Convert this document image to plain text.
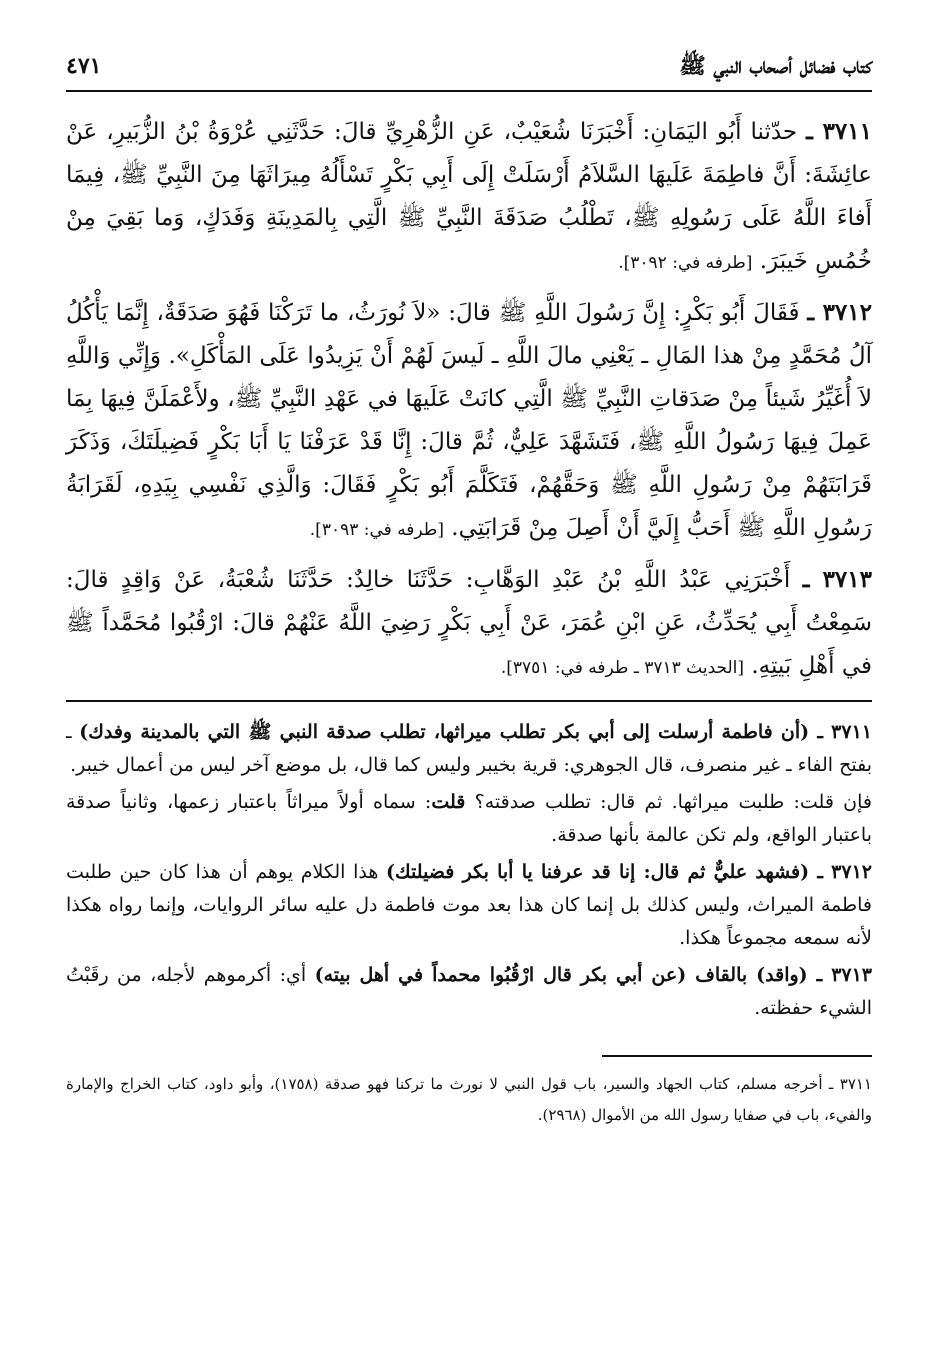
كتاب فضائل أصحاب النبي ﷺ
٤٧١

٣٧١١ ـ حدّثنا أَبُو اليَمَانِ: أَخْبَرَنَا شُعَيْبٌ، عَنِ الزُّهْرِيِّ قالَ: حَدَّثَنِي عُرْوَةُ بْنُ الزُّبَيرِ، عَنْ عائِشَةَ: أَنَّ فاطِمَةَ عَلَيهَا السَّلاَمُ أَرْسَلَتْ إِلَى أَبِي بَكْرٍ تَسْأَلُهُ مِيرَاثَهَا مِنَ النَّبِيِّ ﷺ، فِيمَا أَفاءَ اللَّهُ عَلَى رَسُولِهِ ﷺ، تَطْلُبُ صَدَقَةَ النَّبِيِّ ﷺ الَّتِي بِالمَدِينَةِ وَفَدَكٍ، وَما بَقِيَ مِنْ خُمُسِ خَيبَرَ. [طرفه في: ٣٠٩٢].

٣٧١٢ ـ فَقَالَ أَبُو بَكْرٍ: إِنَّ رَسُولَ اللَّهِ ﷺ قالَ: «لاَ نُورَثُ، ما تَرَكْنَا فَهُوَ صَدَقَةٌ، إِنَّمَا يَأْكُلُ آلُ مُحَمَّدٍ مِنْ هذا المَالِ ـ يَعْنِي مالَ اللَّهِ ـ لَيسَ لَهُمْ أَنْ يَزِيدُوا عَلَى المَأْكَلِ». وَإِنِّي وَاللَّهِ لاَ أُغَيِّرُ شَيئاً مِنْ صَدَقاتِ النَّبِيِّ ﷺ الَّتِي كانَتْ عَلَيهَا في عَهْدِ النَّبِيِّ ﷺ، ولأَعْمَلَنَّ فِيهَا بِمَا عَمِلَ فِيهَا رَسُولُ اللَّهِ ﷺ، فَتَشَهَّدَ عَلِيٌّ، ثُمَّ قالَ: إِنَّا قَدْ عَرَفْنَا يَا أَبَا بَكْرٍ فَضِيلَتَكَ، وَذَكَرَ قَرَابَتَهُمْ مِنْ رَسُولِ اللَّهِ ﷺ وَحَقَّهُمْ، فَتَكَلَّمَ أَبُو بَكْرٍ فَقَالَ: وَالَّذِي نَفْسِي بِيَدِهِ، لَقَرَابَةُ رَسُولِ اللَّهِ ﷺ أَحَبُّ إِلَيَّ أَنْ أَصِلَ مِنْ قَرَابَتِي. [طرفه في: ٣٠٩٣].

٣٧١٣ ـ أَخْبَرَنِي عَبْدُ اللَّهِ بْنُ عَبْدِ الوَهَّابِ: حَدَّثَنَا خالِدٌ: حَدَّثَنَا شُعْبَةُ، عَنْ وَاقِدٍ قالَ: سَمِعْتُ أَبِي يُحَدِّثُ، عَنِ ابْنِ عُمَرَ، عَنْ أَبِي بَكْرٍ رَضِيَ اللَّهُ عَنْهُمْ قالَ: ارْقُبُوا مُحَمَّداً ﷺ في أَهْلِ بَيتِهِ. [الحديث ٣٧١٣ ـ طرفه في: ٣٧٥١].

٣٧١١ ـ (أن فاطمة أرسلت إلى أبي بكر تطلب ميراثها، تطلب صدقة النبي ﷺ التي بالمدينة وفدك) ـ بفتح الفاء ـ غير منصرف، قال الجوهري: قرية بخيبر وليس كما قال، بل موضع آخر ليس من أعمال خيبر.

فإن قلت: طلبت ميراثها. ثم قال: تطلب صدقته؟ قلت: سماه أولاً ميراثاً باعتبار زعمها، وثانياً صدقة باعتبار الواقع، ولم تكن عالمة بأنها صدقة.

٣٧١٢ ـ (فشهد عليٌّ ثم قال: إنا قد عرفنا يا أبا بكر فضيلتك) هذا الكلام يوهم أن هذا كان حين طلبت فاطمة الميراث، وليس كذلك بل إنما كان هذا بعد موت فاطمة دل عليه سائر الروايات، وإنما رواه هكذا لأنه سمعه مجموعاً هكذا.

٣٧١٣ ـ (واقد) بالقاف (عن أبي بكر قال ارْقُبُوا محمداً في أهل بيته) أي: أكرموهم لأجله، من رقَبْتُ الشيء حفظته.

٣٧١١ ـ أخرجه مسلم، كتاب الجهاد والسير، باب قول النبي لا نورث ما تركنا فهو صدقة (١٧٥٨)، وأبو داود، كتاب الخراج والإمارة والفيء، باب في صفايا رسول الله من الأموال (٢٩٦٨).
